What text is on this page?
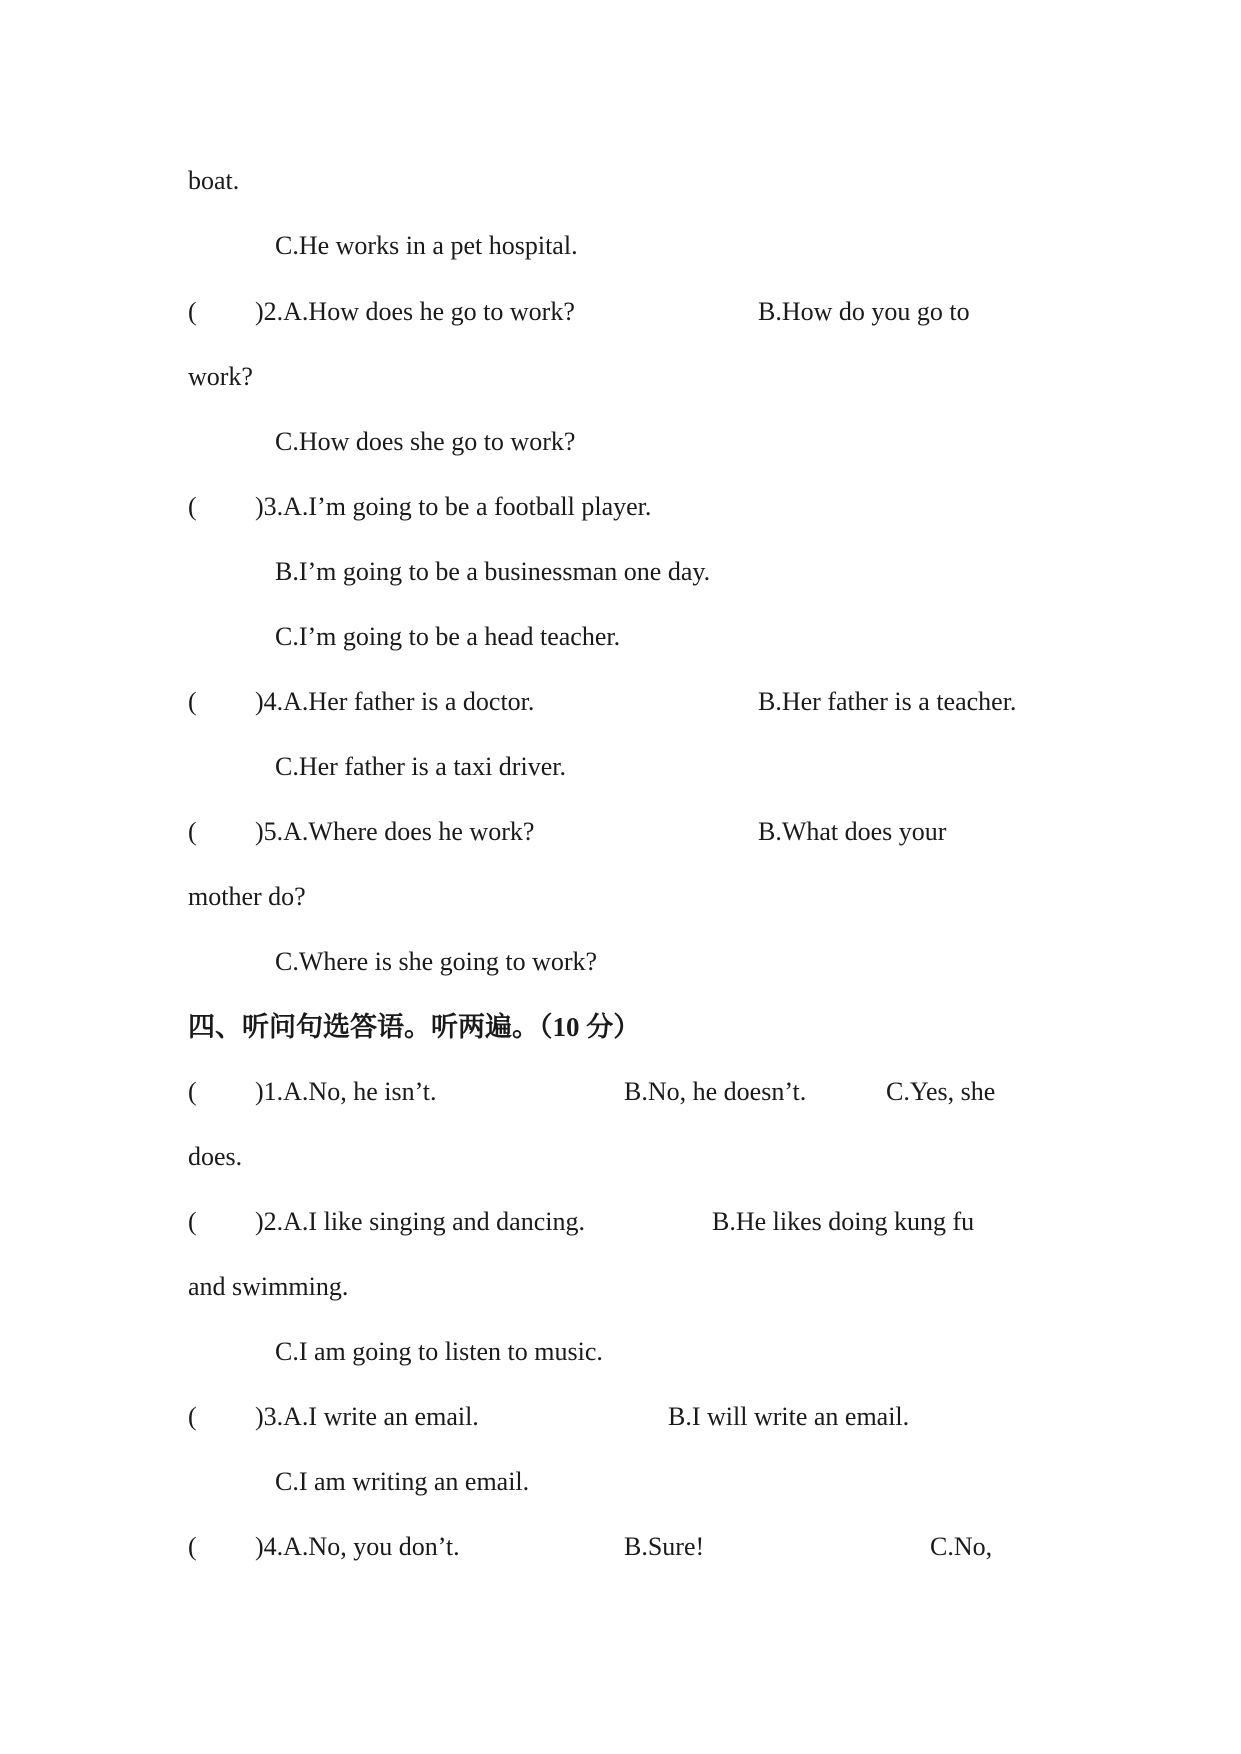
boat.
C.He works in a pet hospital.
( )2.A.How does he go to work?	B.How do you go to
work?
C.How does she go to work?
( )3.A.I’m going to be a football player.
B.I’m going to be a businessman one day.
C.I’m going to be a head teacher.
( )4.A.Her father is a doctor.	B.Her father is a teacher.
C.Her father is a taxi driver.
( )5.A.Where does he work?	B.What does your
mother do?
C.Where is she going to work?
四、听问句选答语。听两遍。（10 分）
( )1.A.No, he isn’t.	B.No, he doesn’t.	C.Yes, she
does.
( )2.A.I like singing and dancing.	B.He likes doing kung fu
and swimming.
C.I am going to listen to music.
( )3.A.I write an email.	B.I will write an email.
C.I am writing an email.
( )4.A.No, you don’t.	B.Sure!	C.No,
